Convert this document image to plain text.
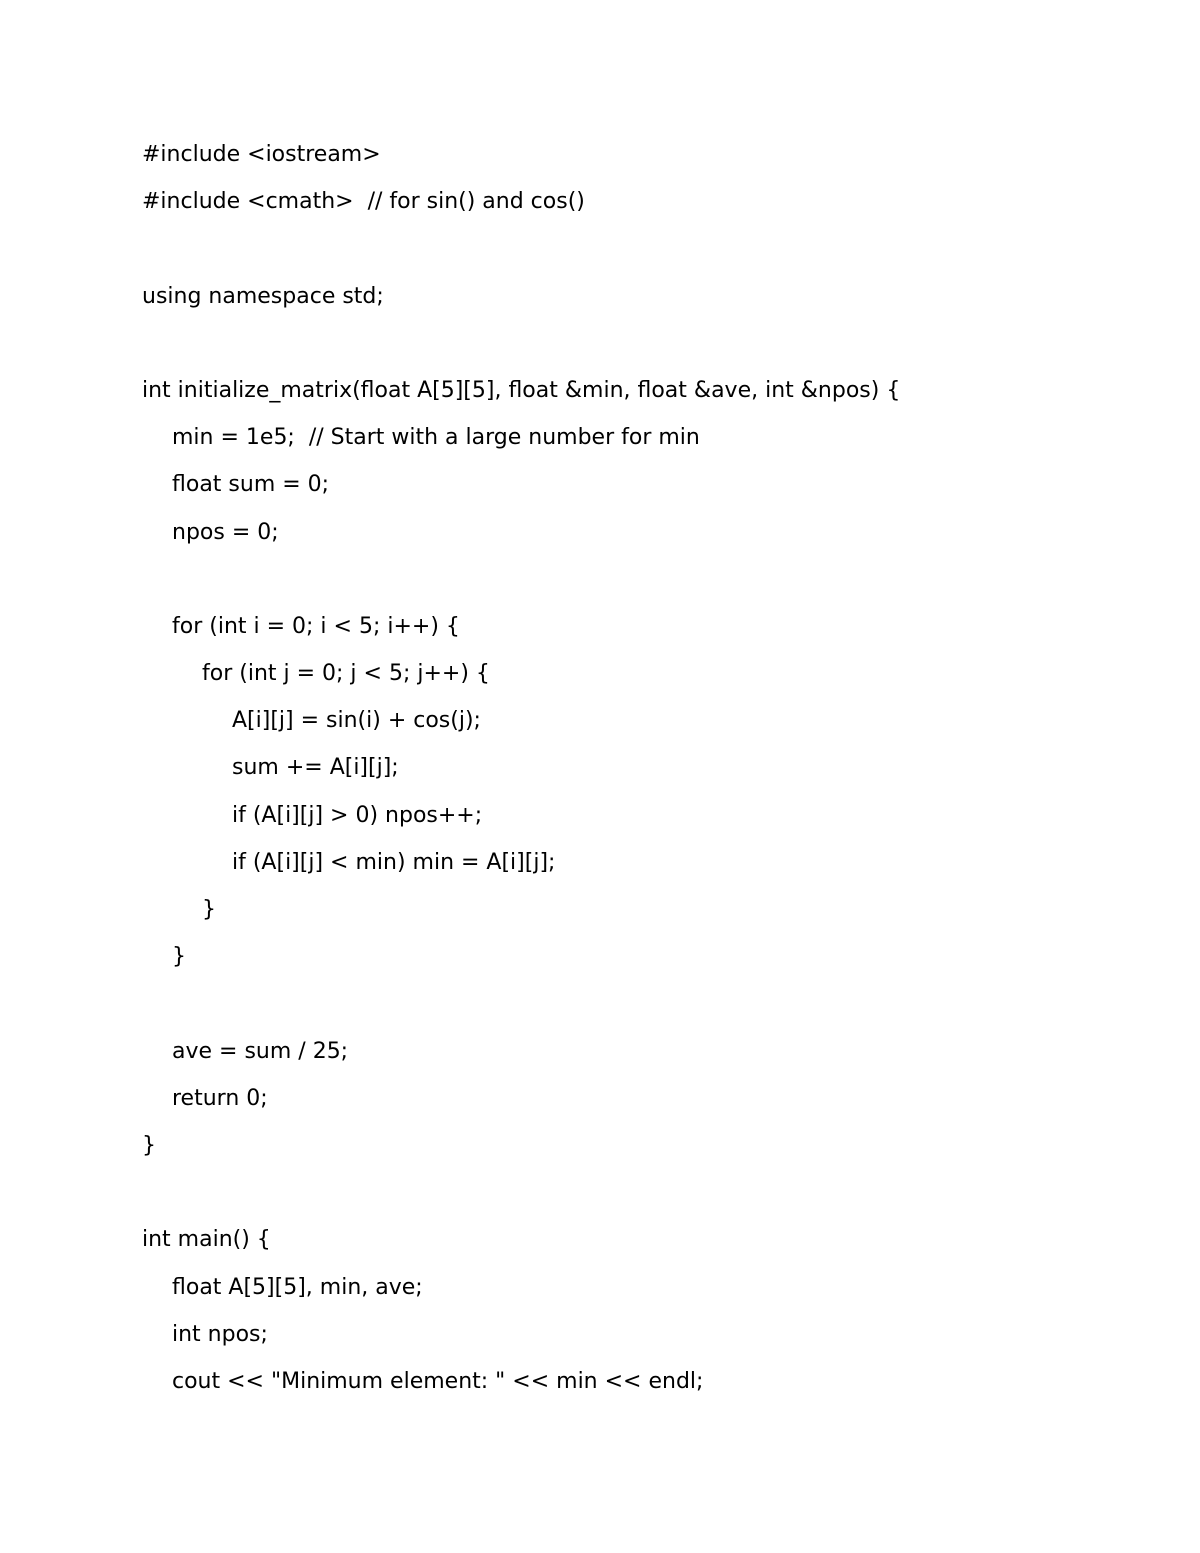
#include <iostream>
#include <cmath>  // for sin() and cos()
using namespace std;
int initialize_matrix(float A[5][5], float &min, float &ave, int &npos) {
min = 1e5;  // Start with a large number for min
float sum = 0;
npos = 0;
for (int i = 0; i < 5; i++) {
for (int j = 0; j < 5; j++) {
A[i][j] = sin(i) + cos(j);
sum += A[i][j];
if (A[i][j] > 0) npos++;
if (A[i][j] < min) min = A[i][j];
}
}
ave = sum / 25;
return 0;
}
int main() {
float A[5][5], min, ave;
int npos;
cout << "Minimum element: " << min << endl;
